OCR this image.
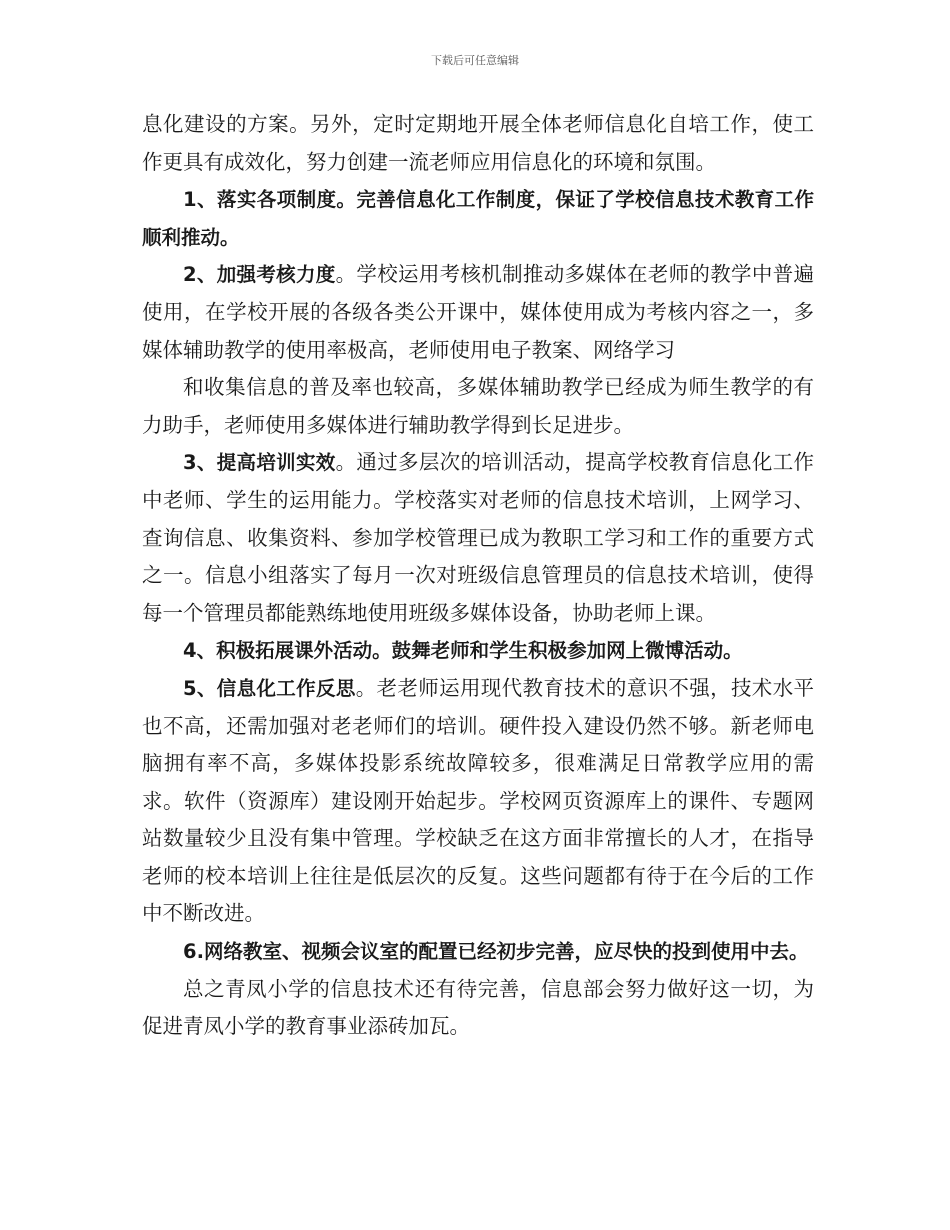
下载后可任意编辑

息化建设的方案。另外，定时定期地开展全体老师信息化自培工作，使工作更具有成效化，努力创建一流老师应用信息化的环境和氛围。

1、落实各项制度。完善信息化工作制度，保证了学校信息技术教育工作顺利推动。

2、加强考核力度。学校运用考核机制推动多媒体在老师的教学中普遍使用，在学校开展的各级各类公开课中，媒体使用成为考核内容之一，多媒体辅助教学的使用率极高，老师使用电子教案、网络学习

和收集信息的普及率也较高，多媒体辅助教学已经成为师生教学的有力助手，老师使用多媒体进行辅助教学得到长足进步。

3、提高培训实效。通过多层次的培训活动，提高学校教育信息化工作中老师、学生的运用能力。学校落实对老师的信息技术培训，上网学习、查询信息、收集资料、参加学校管理已成为教职工学习和工作的重要方式之一。信息小组落实了每月一次对班级信息管理员的信息技术培训，使得每一个管理员都能熟练地使用班级多媒体设备，协助老师上课。

4、积极拓展课外活动。鼓舞老师和学生积极参加网上微博活动。

5、信息化工作反思。老老师运用现代教育技术的意识不强，技术水平也不高，还需加强对老老师们的培训。硬件投入建设仍然不够。新老师电脑拥有率不高，多媒体投影系统故障较多，很难满足日常教学应用的需求。软件（资源库）建设刚开始起步。学校网页资源库上的课件、专题网站数量较少且没有集中管理。学校缺乏在这方面非常擅长的人才，在指导老师的校本培训上往往是低层次的反复。这些问题都有待于在今后的工作中不断改进。

6.网络教室、视频会议室的配置已经初步完善，应尽快的投到使用中去。

总之青凤小学的信息技术还有待完善，信息部会努力做好这一切，为促进青凤小学的教育事业添砖加瓦。
